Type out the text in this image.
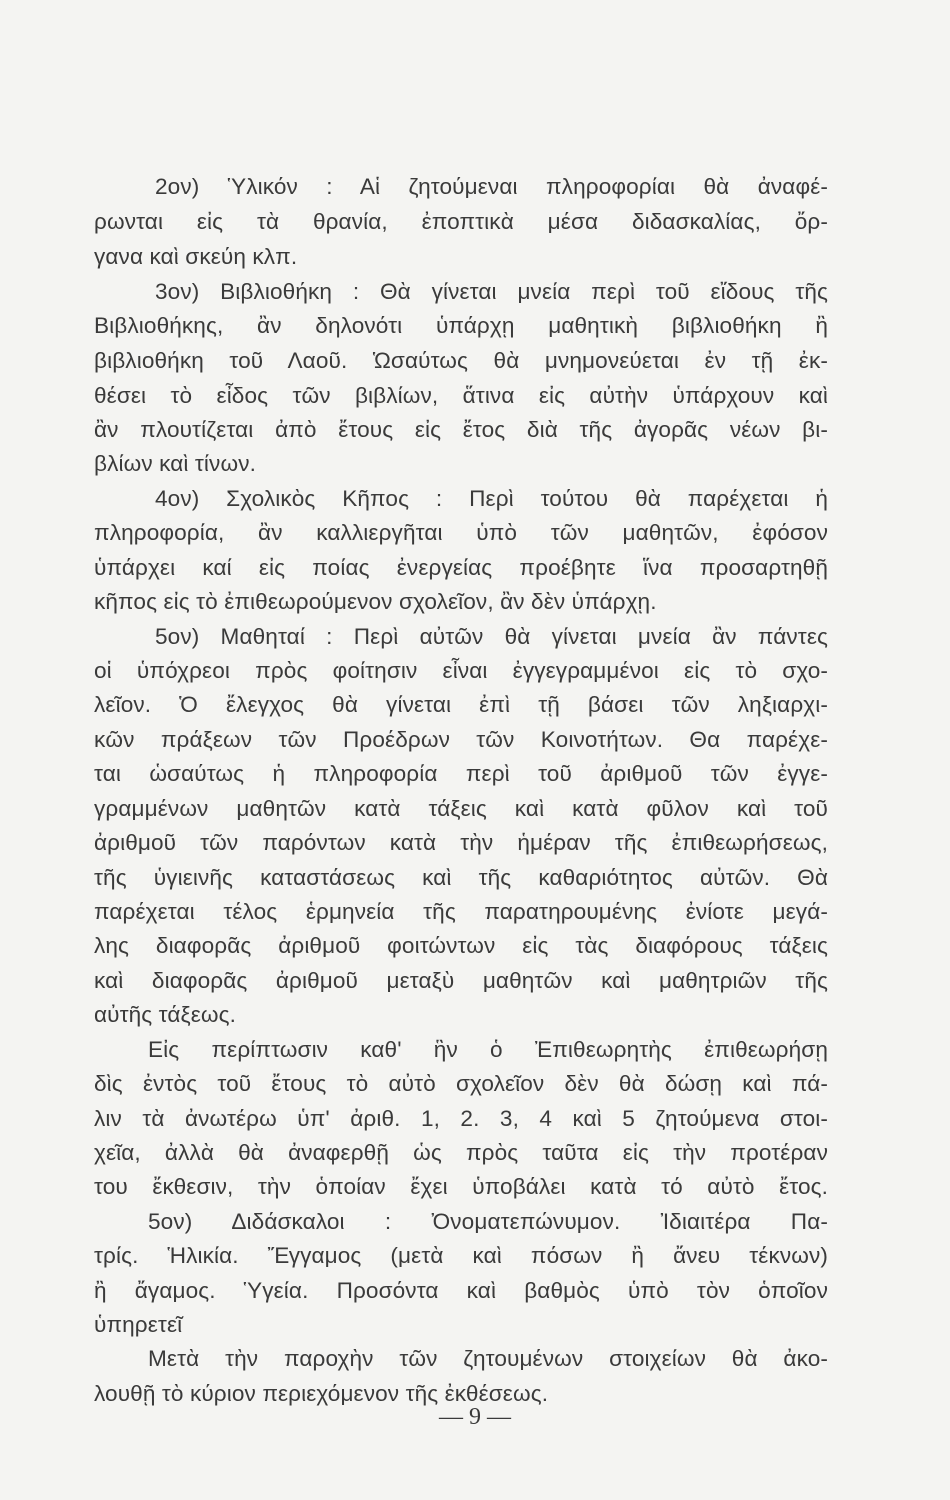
2ον) Ὑλικόν : Αἱ ζητούμεναι πληροφορίαι θὰ ἀναφέ-
ρωνται εἰς τὰ θρανία, ἐποπτικὰ μέσα διδασκαλίας, ὄρ-
γανα καὶ σκεύη κλπ.
3ον) Βιβλιοθήκη : Θὰ γίνεται μνεία περὶ τοῦ εἴδους τῆς
Βιβλιοθήκης, ἂν δηλονότι ὑπάρχῃ μαθητικὴ βιβλιοθήκη ἢ
βιβλιοθήκη τοῦ Λαοῦ. Ὡσαύτως θὰ μνημονεύεται ἐν τῇ ἐκ-
θέσει τὸ εἶδος τῶν βιβλίων, ἅτινα εἰς αὐτὴν ὑπάρχουν καὶ
ἂν πλουτίζεται ἀπὸ ἔτους εἰς ἔτος διὰ τῆς ἀγορᾶς νέων βι-
βλίων καὶ τίνων.
4ον) Σχολικὸς Κῆπος : Περὶ τούτου θὰ παρέχεται ἡ
πληροφορία, ἂν καλλιεργῆται ὑπὸ τῶν μαθητῶν, ἐφόσον
ὑπάρχει καί εἰς ποίας ἐνεργείας προέβητε ἵνα προσαρτηθῇ
κῆπος εἰς τὸ ἐπιθεωρούμενον σχολεῖον, ἂν δὲν ὑπάρχῃ.
5ον) Μαθηταί : Περὶ αὐτῶν θὰ γίνεται μνεία ἂν πάντες
οἱ ὑπόχρεοι πρὸς φοίτησιν εἶναι ἐγγεγραμμένοι εἰς τὸ σχο-
λεῖον. Ὁ ἔλεγχος θὰ γίνεται ἐπὶ τῇ βάσει τῶν ληξιαρχι-
κῶν πράξεων τῶν Προέδρων τῶν Κοινοτήτων. Θα παρέχε-
ται ὡσαύτως ἡ πληροφορία περὶ τοῦ ἀριθμοῦ τῶν ἐγγε-
γραμμένων μαθητῶν κατὰ τάξεις καὶ κατὰ φῦλον καὶ τοῦ
ἀριθμοῦ τῶν παρόντων κατὰ τὴν ἡμέραν τῆς ἐπιθεωρήσεως,
τῆς ὑγιεινῆς καταστάσεως καὶ τῆς καθαριότητος αὐτῶν. Θὰ
παρέχεται τέλος ἑρμηνεία τῆς παρατηρουμένης ἐνίοτε μεγά-
λης διαφορᾶς ἀριθμοῦ φοιτώντων εἰς τὰς διαφόρους τάξεις
καὶ διαφορᾶς ἀριθμοῦ μεταξὺ μαθητῶν καὶ μαθητριῶν τῆς
αὐτῆς τάξεως.
Εἰς περίπτωσιν καθ' ἣν ὁ Ἐπιθεωρητὴς ἐπιθεωρήσῃ
δὶς ἐντὸς τοῦ ἔτους τὸ αὐτὸ σχολεῖον δὲν θὰ δώσῃ καὶ πά-
λιν τὰ ἀνωτέρω ὑπ' ἀριθ. 1, 2. 3, 4 καὶ 5 ζητούμενα στοι-
χεῖα, ἀλλὰ θὰ ἀναφερθῇ ὡς πρὸς ταῦτα εἰς τὴν προτέραν
του ἔκθεσιν, τὴν ὁποίαν ἔχει ὑποβάλει κατὰ τό αὐτὸ ἔτος.
5ον) Διδάσκαλοι : Ὀνοματεπώνυμον. Ἰδιαιτέρα Πα-
τρίς. Ἡλικία. Ἔγγαμος (μετὰ καὶ πόσων ἢ ἄνευ τέκνων)
ἢ ἄγαμος. Ὑγεία. Προσόντα καὶ βαθμὸς ὑπὸ τὸν ὁποῖον
ὑπηρετεῖ
Μετὰ τὴν παροχὴν τῶν ζητουμένων στοιχείων θὰ ἀκο-
λουθῇ τὸ κύριον περιεχόμενον τῆς ἐκθέσεως.
— 9 —
